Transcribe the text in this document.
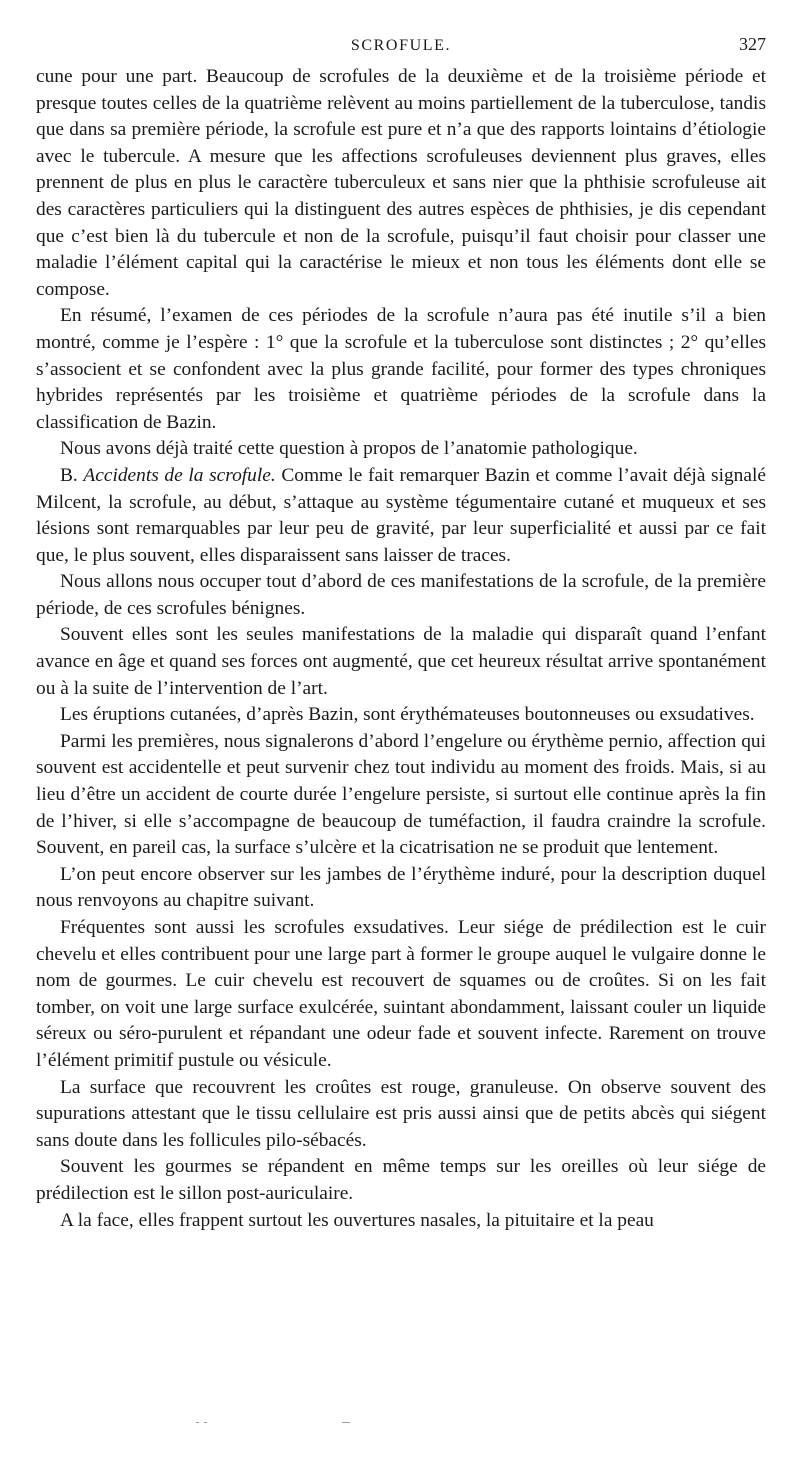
SCROFULE.	327

cune pour une part. Beaucoup de scrofules de la deuxième et de la troisième période et presque toutes celles de la quatrième relèvent au moins partiellement de la tuberculose, tandis que dans sa première période, la scrofule est pure et n’a que des rapports lointains d’étiologie avec le tubercule. A mesure que les affections scrofuleuses deviennent plus graves, elles prennent de plus en plus le caractère tuberculeux et sans nier que la phthisie scrofuleuse ait des caractères particuliers qui la distinguent des autres espèces de phthisies, je dis cependant que c’est bien là du tubercule et non de la scrofule, puisqu’il faut choisir pour classer une maladie l’élément capital qui la caractérise le mieux et non tous les éléments dont elle se compose.

En résumé, l’examen de ces périodes de la scrofule n’aura pas été inutile s’il a bien montré, comme je l’espère : 1° que la scrofule et la tuberculose sont distinctes ; 2° qu’elles s’associent et se confondent avec la plus grande facilité, pour former des types chroniques hybrides représentés par les troisième et quatrième périodes de la scrofule dans la classification de Bazin.

Nous avons déjà traité cette question à propos de l’anatomie pathologique.

B. Accidents de la scrofule. Comme le fait remarquer Bazin et comme l’avait déjà signalé Milcent, la scrofule, au début, s’attaque au système tégumentaire cutané et muqueux et ses lésions sont remarquables par leur peu de gravité, par leur superficialité et aussi par ce fait que, le plus souvent, elles disparaissent sans laisser de traces.

Nous allons nous occuper tout d’abord de ces manifestations de la scrofule, de la première période, de ces scrofules bénignes.

Souvent elles sont les seules manifestations de la maladie qui disparaît quand l’enfant avance en âge et quand ses forces ont augmenté, que cet heureux résultat arrive spontanément ou à la suite de l’intervention de l’art.

Les éruptions cutanées, d’après Bazin, sont érythémateuses boutonneuses ou exsudatives.

Parmi les premières, nous signalerons d’abord l’engelure ou érythème pernio, affection qui souvent est accidentelle et peut survenir chez tout individu au moment des froids. Mais, si au lieu d’être un accident de courte durée l’engelure persiste, si surtout elle continue après la fin de l’hiver, si elle s’accompagne de beaucoup de tuméfaction, il faudra craindre la scrofule. Souvent, en pareil cas, la surface s’ulcère et la cicatrisation ne se produit que lentement.

L’on peut encore observer sur les jambes de l’érythème induré, pour la description duquel nous renvoyons au chapitre suivant.

Fréquentes sont aussi les scrofules exsudatives. Leur siége de prédilection est le cuir chevelu et elles contribuent pour une large part à former le groupe auquel le vulgaire donne le nom de gourmes. Le cuir chevelu est recouvert de squames ou de croûtes. Si on les fait tomber, on voit une large surface exulcérée, suintant abondamment, laissant couler un liquide séreux ou séro-purulent et répandant une odeur fade et souvent infecte. Rarement on trouve l’élément primitif pustule ou vésicule.

La surface que recouvrent les croûtes est rouge, granuleuse. On observe souvent des supurations attestant que le tissu cellulaire est pris aussi ainsi que de petits abcès qui siégent sans doute dans les follicules pilo-sébacés.

Souvent les gourmes se répandent en même temps sur les oreilles où leur siége de prédilection est le sillon post-auriculaire.

A la face, elles frappent surtout les ouvertures nasales, la pituitaire et la peau
